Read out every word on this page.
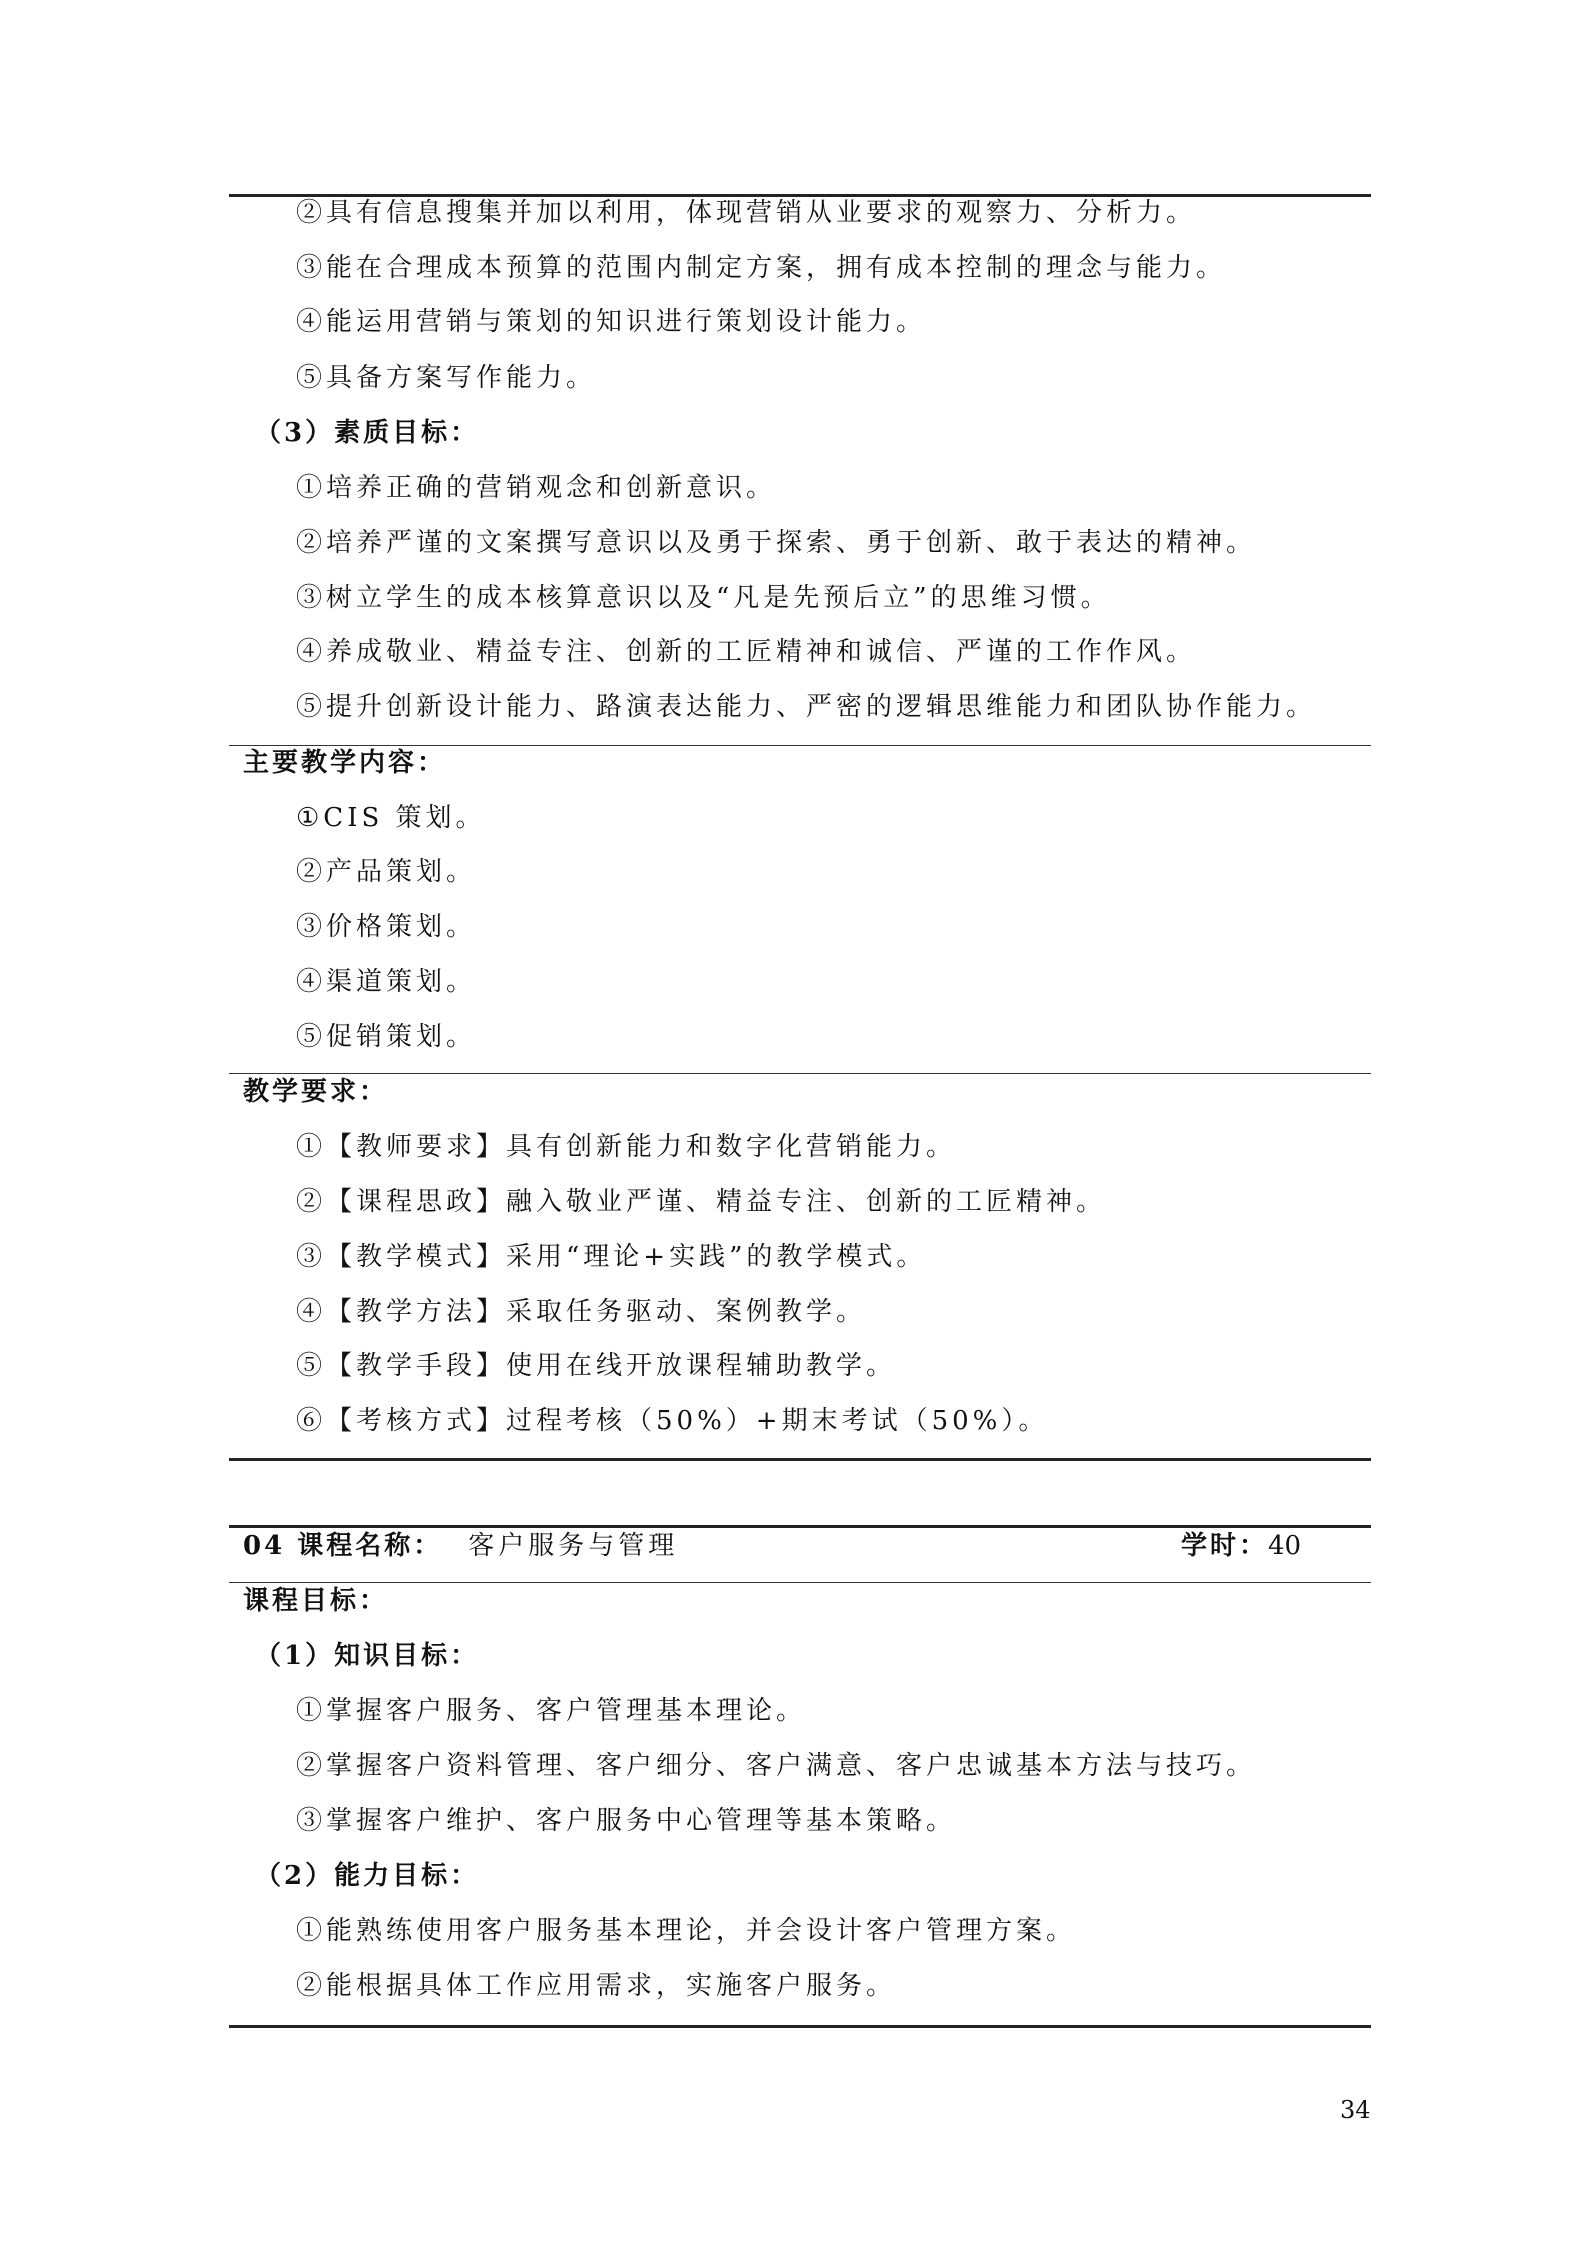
②具有信息搜集并加以利用，体现营销从业要求的观察力、分析力。
③能在合理成本预算的范围内制定方案，拥有成本控制的理念与能力。
④能运用营销与策划的知识进行策划设计能力。
⑤具备方案写作能力。
（3）素质目标：
①培养正确的营销观念和创新意识。
②培养严谨的文案撰写意识以及勇于探索、勇于创新、敢于表达的精神。
③树立学生的成本核算意识以及“凡是先预后立”的思维习惯。
④养成敬业、精益专注、创新的工匠精神和诚信、严谨的工作作风。
⑤提升创新设计能力、路演表达能力、严密的逻辑思维能力和团队协作能力。
主要教学内容：
①CIS 策划。
②产品策划。
③价格策划。
④渠道策划。
⑤促销策划。
教学要求：
①【教师要求】具有创新能力和数字化营销能力。
②【课程思政】融入敬业严谨、精益专注、创新的工匠精神。
③【教学模式】采用“理论+实践”的教学模式。
④【教学方法】采取任务驱动、案例教学。
⑤【教学手段】使用在线开放课程辅助教学。
⑥【考核方式】过程考核（50%）+期末考试（50%）。
04 课程名称： 客户服务与管理	学时：40
课程目标：
（1）知识目标：
①掌握客户服务、客户管理基本理论。
②掌握客户资料管理、客户细分、客户满意、客户忠诚基本方法与技巧。
③掌握客户维护、客户服务中心管理等基本策略。
（2）能力目标：
①能熟练使用客户服务基本理论，并会设计客户管理方案。
②能根据具体工作应用需求，实施客户服务。
34
